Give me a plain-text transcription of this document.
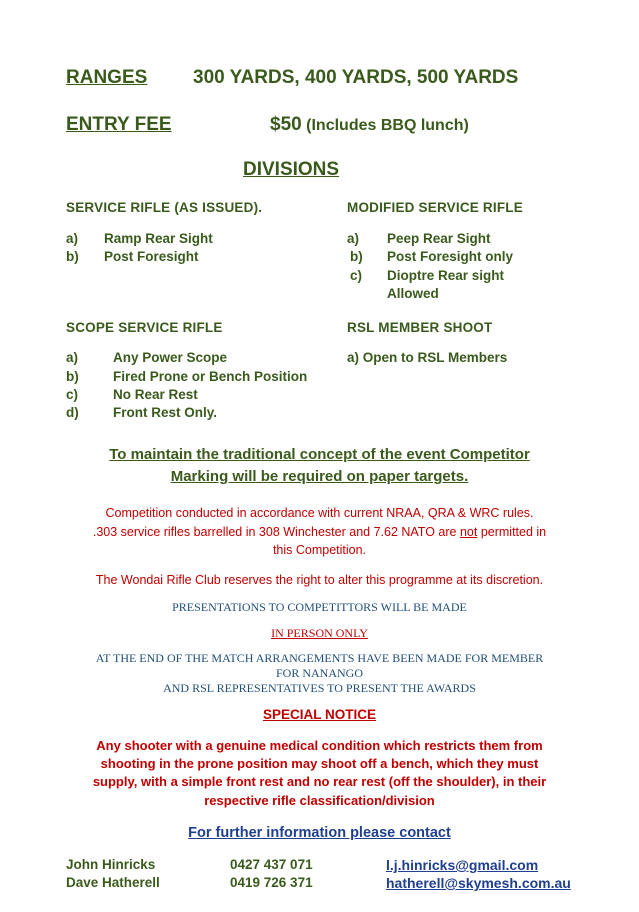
RANGES 300 YARDS, 400 YARDS, 500 YARDS
ENTRY FEE	$50 (Includes BBQ lunch)
DIVISIONS
SERVICE RIFLE (AS ISSUED).
a) Ramp Rear Sight
b) Post Foresight
MODIFIED SERVICE RIFLE
a) Peep Rear Sight
b) Post Foresight only
c) Dioptre Rear sight
Allowed
SCOPE SERVICE RIFLE
a)	Any Power Scope
b)	Fired Prone or Bench Position
c)	No Rear Rest
d)	Front Rest Only.
RSL MEMBER SHOOT
a) Open to RSL Members
To maintain the traditional concept of the event Competitor
Marking will be required on paper targets.
Competition conducted in accordance with current NRAA, QRA & WRC rules.
.303 service rifles barrelled in 308 Winchester and 7.62 NATO are not permitted in
this Competition.
The Wondai Rifle Club reserves the right to alter this programme at its discretion.
PRESENTATIONS TO COMPETITTORS WILL BE MADE
IN PERSON ONLY
AT THE END OF THE MATCH ARRANGEMENTS HAVE BEEN MADE FOR MEMBER
FOR NANANGO
AND RSL REPRESENTATIVES TO PRESENT THE AWARDS
SPECIAL NOTICE
Any shooter with a genuine medical condition which restricts them from
shooting in the prone position may shoot off a bench, which they must
supply, with a simple front rest and no rear rest (off the shoulder), in their
respective rifle classification/division
For further information please contact
John Hinricks	0427 437 071	l.j.hinricks@gmail.com
Dave Hatherell	0419 726 371	hatherell@skymesh.com.au
